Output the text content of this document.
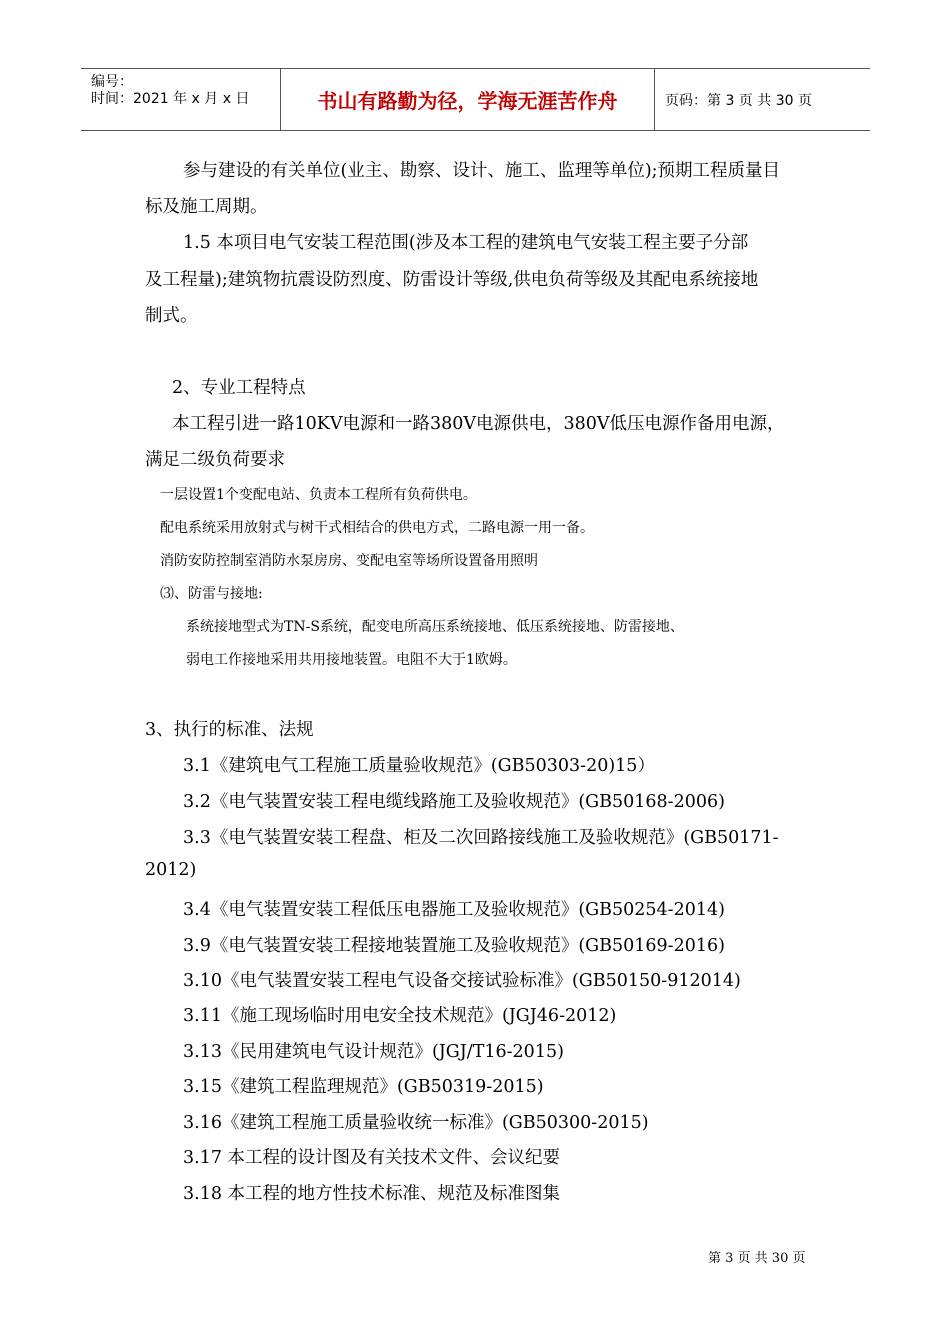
编号：
时间：2021 年 x 月 x 日	书山有路勤为径，学海无涯苦作舟	页码：第 3 页 共 30 页
参与建设的有关单位(业主、勘察、设计、施工、监理等单位);预期工程质量目
标及施工周期。
1.5 本项目电气安装工程范围(涉及本工程的建筑电气安装工程主要子分部
及工程量);建筑物抗震设防烈度、防雷设计等级,供电负荷等级及其配电系统接地
制式。
2、专业工程特点
本工程引进一路10KV电源和一路380V电源供电，380V低压电源作备用电源，
满足二级负荷要求
一层设置1个变配电站、负责本工程所有负荷供电。
配电系统采用放射式与树干式相结合的供电方式，二路电源一用一备。
消防安防控制室消防水泵房房、变配电室等场所设置备用照明
⑶、防雷与接地:
系统接地型式为TN-S系统，配变电所高压系统接地、低压系统接地、防雷接地、
弱电工作接地采用共用接地装置。电阻不大于1欧姆。
3、执行的标准、法规
3.1《建筑电气工程施工质量验收规范》(GB50303-20)15）
3.2《电气装置安装工程电缆线路施工及验收规范》(GB50168-2006)
3.3《电气装置安装工程盘、柜及二次回路接线施工及验收规范》(GB50171-
2012)
3.4《电气装置安装工程低压电器施工及验收规范》(GB50254-2014)
3.9《电气装置安装工程接地装置施工及验收规范》(GB50169-2016)
3.10《电气装置安装工程电气设备交接试验标准》(GB50150-912014)
3.11《施工现场临时用电安全技术规范》(JGJ46-2012)
3.13《民用建筑电气设计规范》(JGJ/T16-2015)
3.15《建筑工程监理规范》(GB50319-2015)
3.16《建筑工程施工质量验收统一标准》(GB50300-2015)
3.17 本工程的设计图及有关技术文件、会议纪要
3.18 本工程的地方性技术标准、规范及标准图集
第 3 页 共 30 页
